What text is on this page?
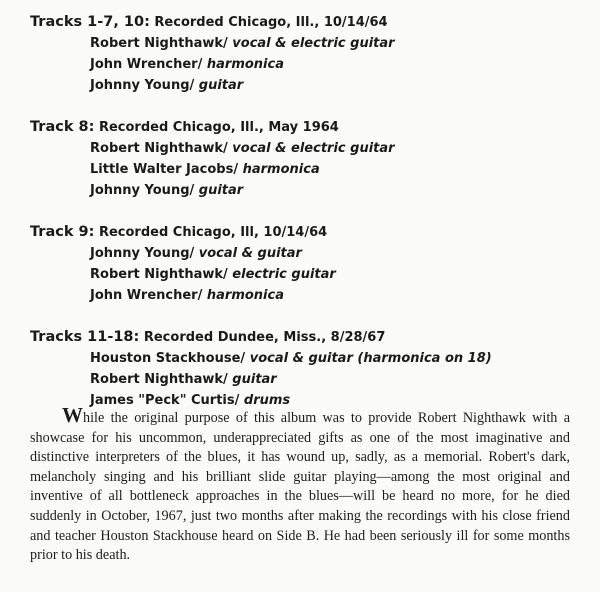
Tracks 1-7, 10: Recorded Chicago, Ill., 10/14/64
Robert Nighthawk/ vocal & electric guitar
John Wrencher/ harmonica
Johnny Young/ guitar
Track 8: Recorded Chicago, Ill., May 1964
Robert Nighthawk/ vocal & electric guitar
Little Walter Jacobs/ harmonica
Johnny Young/ guitar
Track 9: Recorded Chicago, Ill, 10/14/64
Johnny Young/ vocal & guitar
Robert Nighthawk/ electric guitar
John Wrencher/ harmonica
Tracks 11-18: Recorded Dundee, Miss., 8/28/67
Houston Stackhouse/ vocal & guitar (harmonica on 18)
Robert Nighthawk/ guitar
James "Peck" Curtis/ drums

While the original purpose of this album was to provide Robert Nighthawk with a showcase for his uncommon, underappreciated gifts as one of the most imaginative and distinctive interpreters of the blues, it has wound up, sadly, as a memorial. Robert's dark, melancholy singing and his brilliant slide guitar playing—among the most original and inventive of all bottleneck approaches in the blues—will be heard no more, for he died suddenly in October, 1967, just two months after making the recordings with his close friend and teacher Houston Stackhouse heard on Side B. He had been seriously ill for some months prior to his death.
